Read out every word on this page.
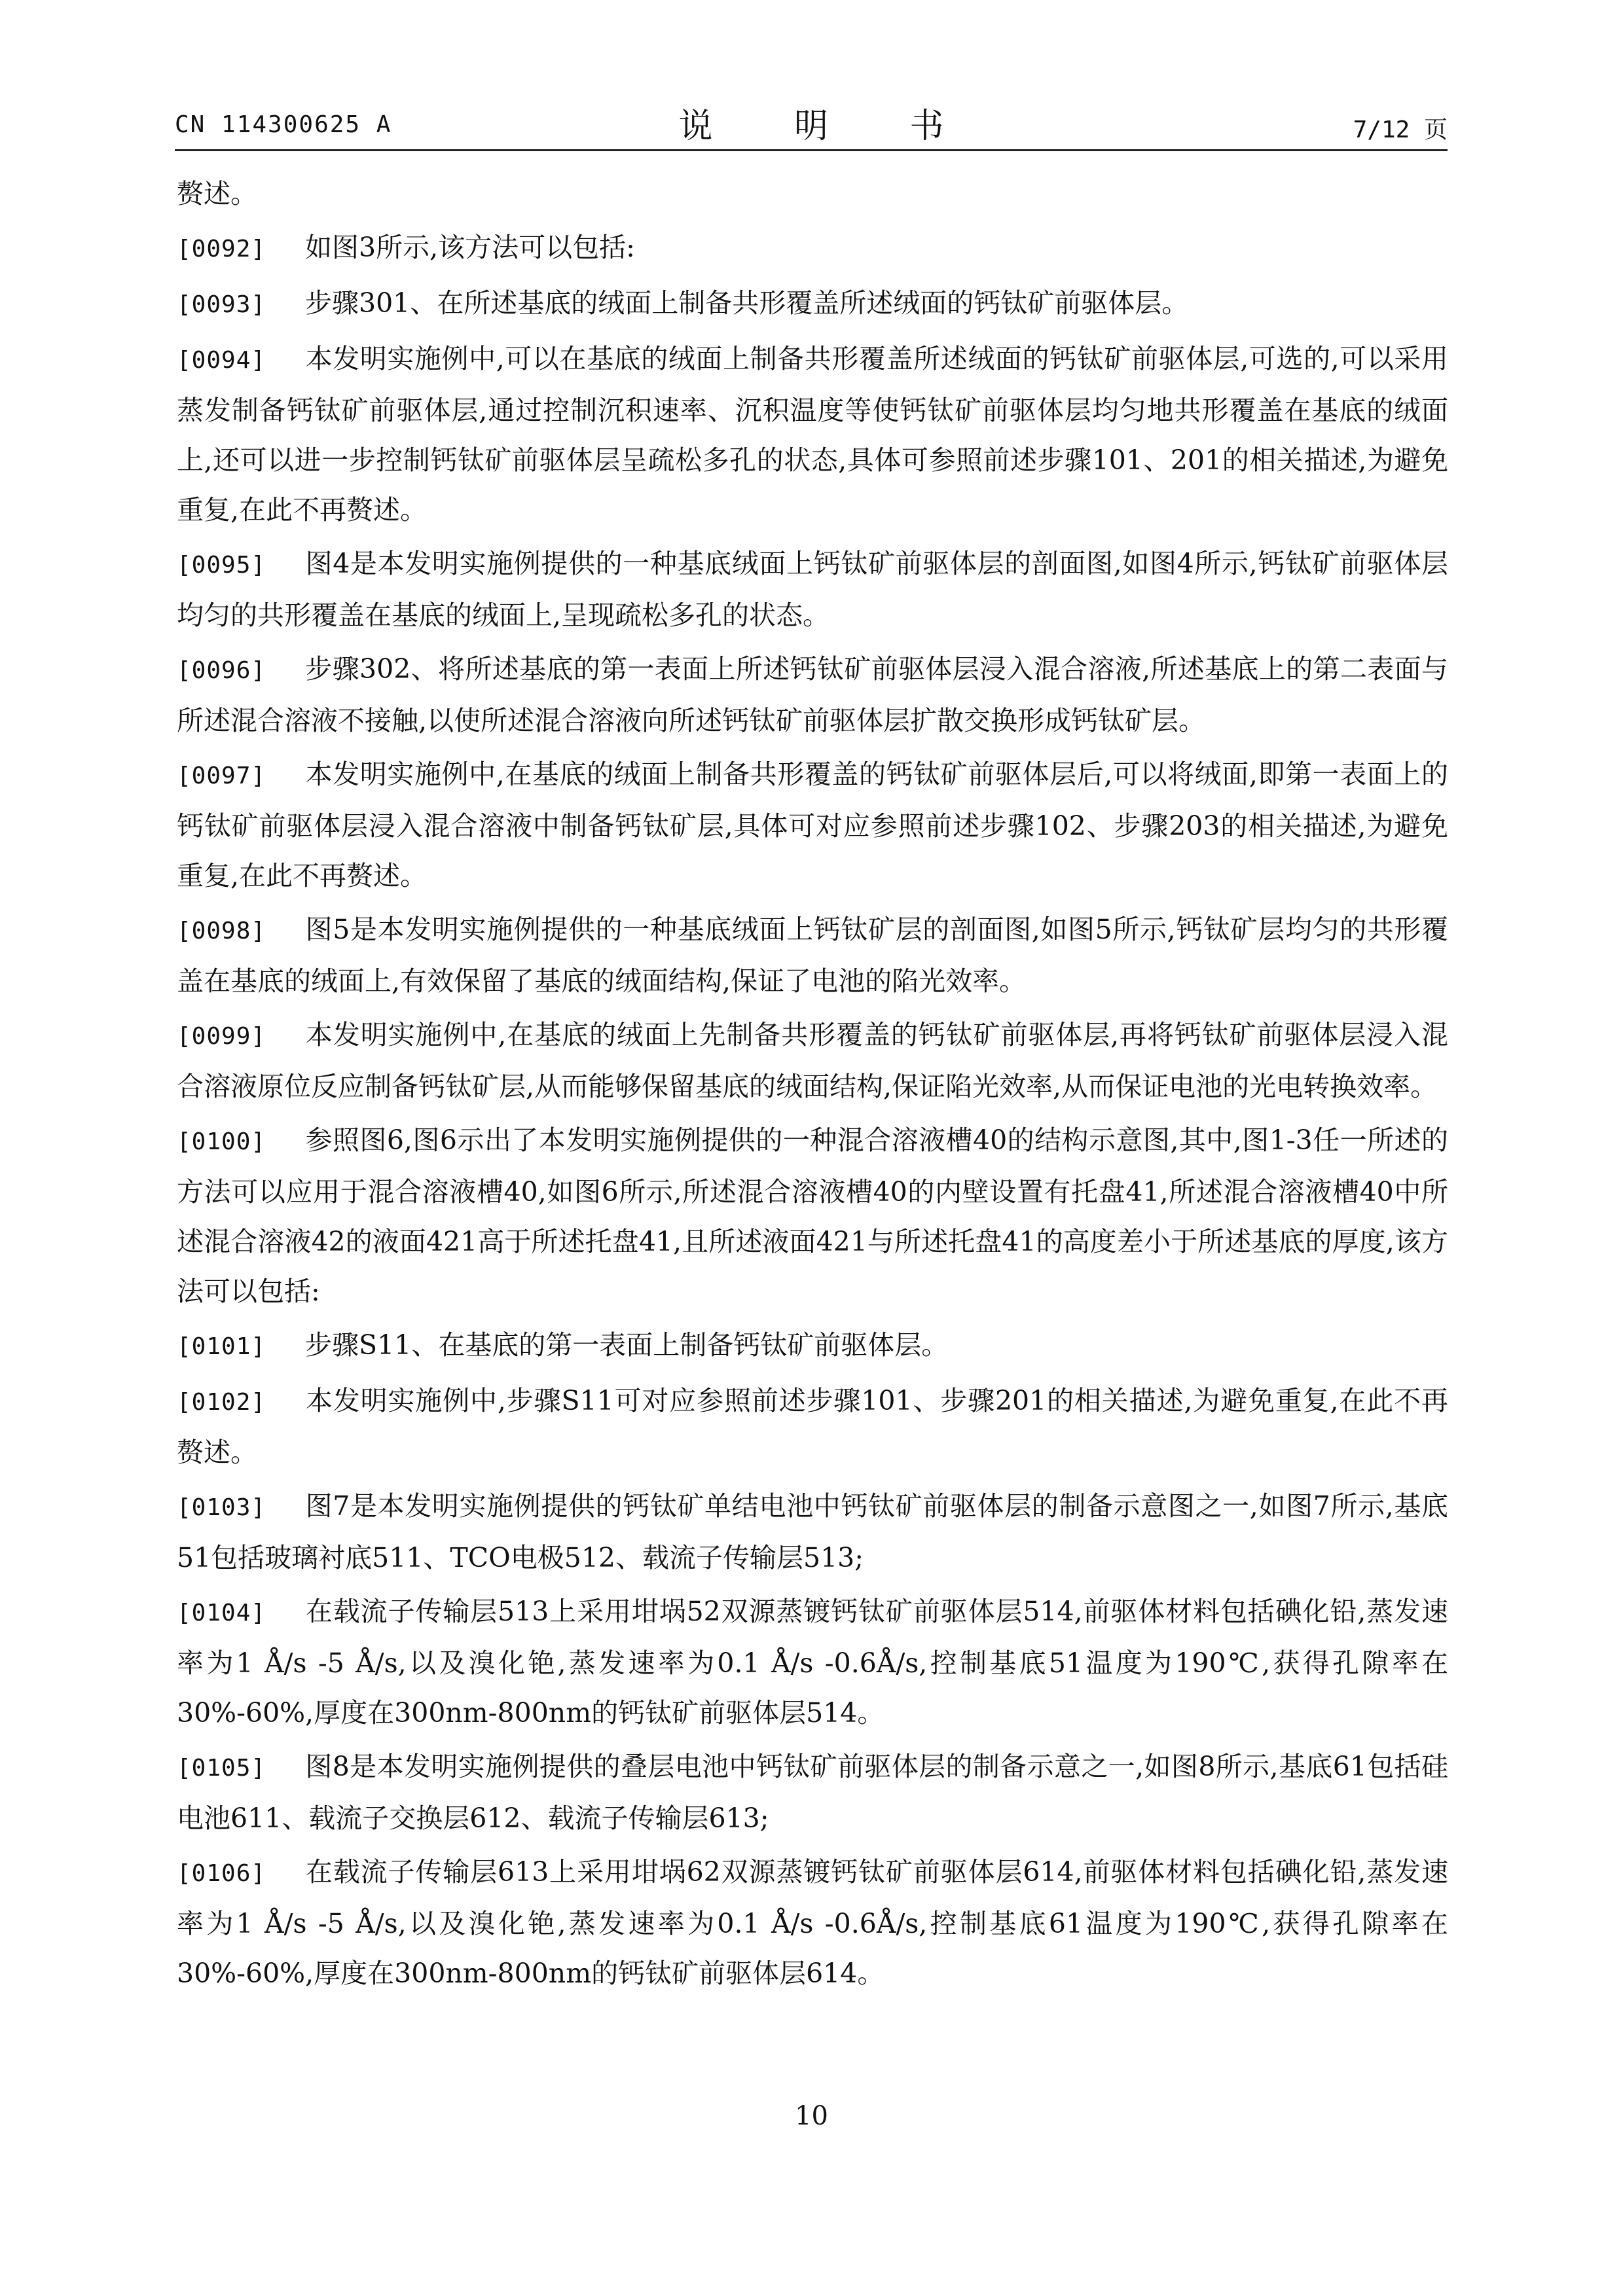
CN 114300625 A	说 明 书	7/12 页

赘述。

[0092] 如图3所示,该方法可以包括:

[0093] 步骤301、在所述基底的绒面上制备共形覆盖所述绒面的钙钛矿前驱体层。

[0094] 本发明实施例中,可以在基底的绒面上制备共形覆盖所述绒面的钙钛矿前驱体层,可选的,可以采用蒸发制备钙钛矿前驱体层,通过控制沉积速率、沉积温度等使钙钛矿前驱体层均匀地共形覆盖在基底的绒面上,还可以进一步控制钙钛矿前驱体层呈疏松多孔的状态,具体可参照前述步骤101、201的相关描述,为避免重复,在此不再赘述。

[0095] 图4是本发明实施例提供的一种基底绒面上钙钛矿前驱体层的剖面图,如图4所示,钙钛矿前驱体层均匀的共形覆盖在基底的绒面上,呈现疏松多孔的状态。

[0096] 步骤302、将所述基底的第一表面上所述钙钛矿前驱体层浸入混合溶液,所述基底上的第二表面与所述混合溶液不接触,以使所述混合溶液向所述钙钛矿前驱体层扩散交换形成钙钛矿层。

[0097] 本发明实施例中,在基底的绒面上制备共形覆盖的钙钛矿前驱体层后,可以将绒面,即第一表面上的钙钛矿前驱体层浸入混合溶液中制备钙钛矿层,具体可对应参照前述步骤102、步骤203的相关描述,为避免重复,在此不再赘述。

[0098] 图5是本发明实施例提供的一种基底绒面上钙钛矿层的剖面图,如图5所示,钙钛矿层均匀的共形覆盖在基底的绒面上,有效保留了基底的绒面结构,保证了电池的陷光效率。

[0099] 本发明实施例中,在基底的绒面上先制备共形覆盖的钙钛矿前驱体层,再将钙钛矿前驱体层浸入混合溶液原位反应制备钙钛矿层,从而能够保留基底的绒面结构,保证陷光效率,从而保证电池的光电转换效率。

[0100] 参照图6,图6示出了本发明实施例提供的一种混合溶液槽40的结构示意图,其中,图1-3任一所述的方法可以应用于混合溶液槽40,如图6所示,所述混合溶液槽40的内壁设置有托盘41,所述混合溶液槽40中所述混合溶液42的液面421高于所述托盘41,且所述液面421与所述托盘41的高度差小于所述基底的厚度,该方法可以包括:

[0101] 步骤S11、在基底的第一表面上制备钙钛矿前驱体层。

[0102] 本发明实施例中,步骤S11可对应参照前述步骤101、步骤201的相关描述,为避免重复,在此不再赘述。

[0103] 图7是本发明实施例提供的钙钛矿单结电池中钙钛矿前驱体层的制备示意图之一,如图7所示,基底51包括玻璃衬底511、TCO电极512、载流子传输层513;

[0104] 在载流子传输层513上采用坩埚52双源蒸镀钙钛矿前驱体层514,前驱体材料包括碘化铅,蒸发速率为1 Å/s -5 Å/s,以及溴化铯,蒸发速率为0.1 Å/s -0.6Å/s,控制基底51温度为190℃,获得孔隙率在30%-60%,厚度在300nm-800nm的钙钛矿前驱体层514。

[0105] 图8是本发明实施例提供的叠层电池中钙钛矿前驱体层的制备示意之一,如图8所示,基底61包括硅电池611、载流子交换层612、载流子传输层613;

[0106] 在载流子传输层613上采用坩埚62双源蒸镀钙钛矿前驱体层614,前驱体材料包括碘化铅,蒸发速率为1 Å/s -5 Å/s,以及溴化铯,蒸发速率为0.1 Å/s -0.6Å/s,控制基底61温度为190℃,获得孔隙率在30%-60%,厚度在300nm-800nm的钙钛矿前驱体层614。

10
